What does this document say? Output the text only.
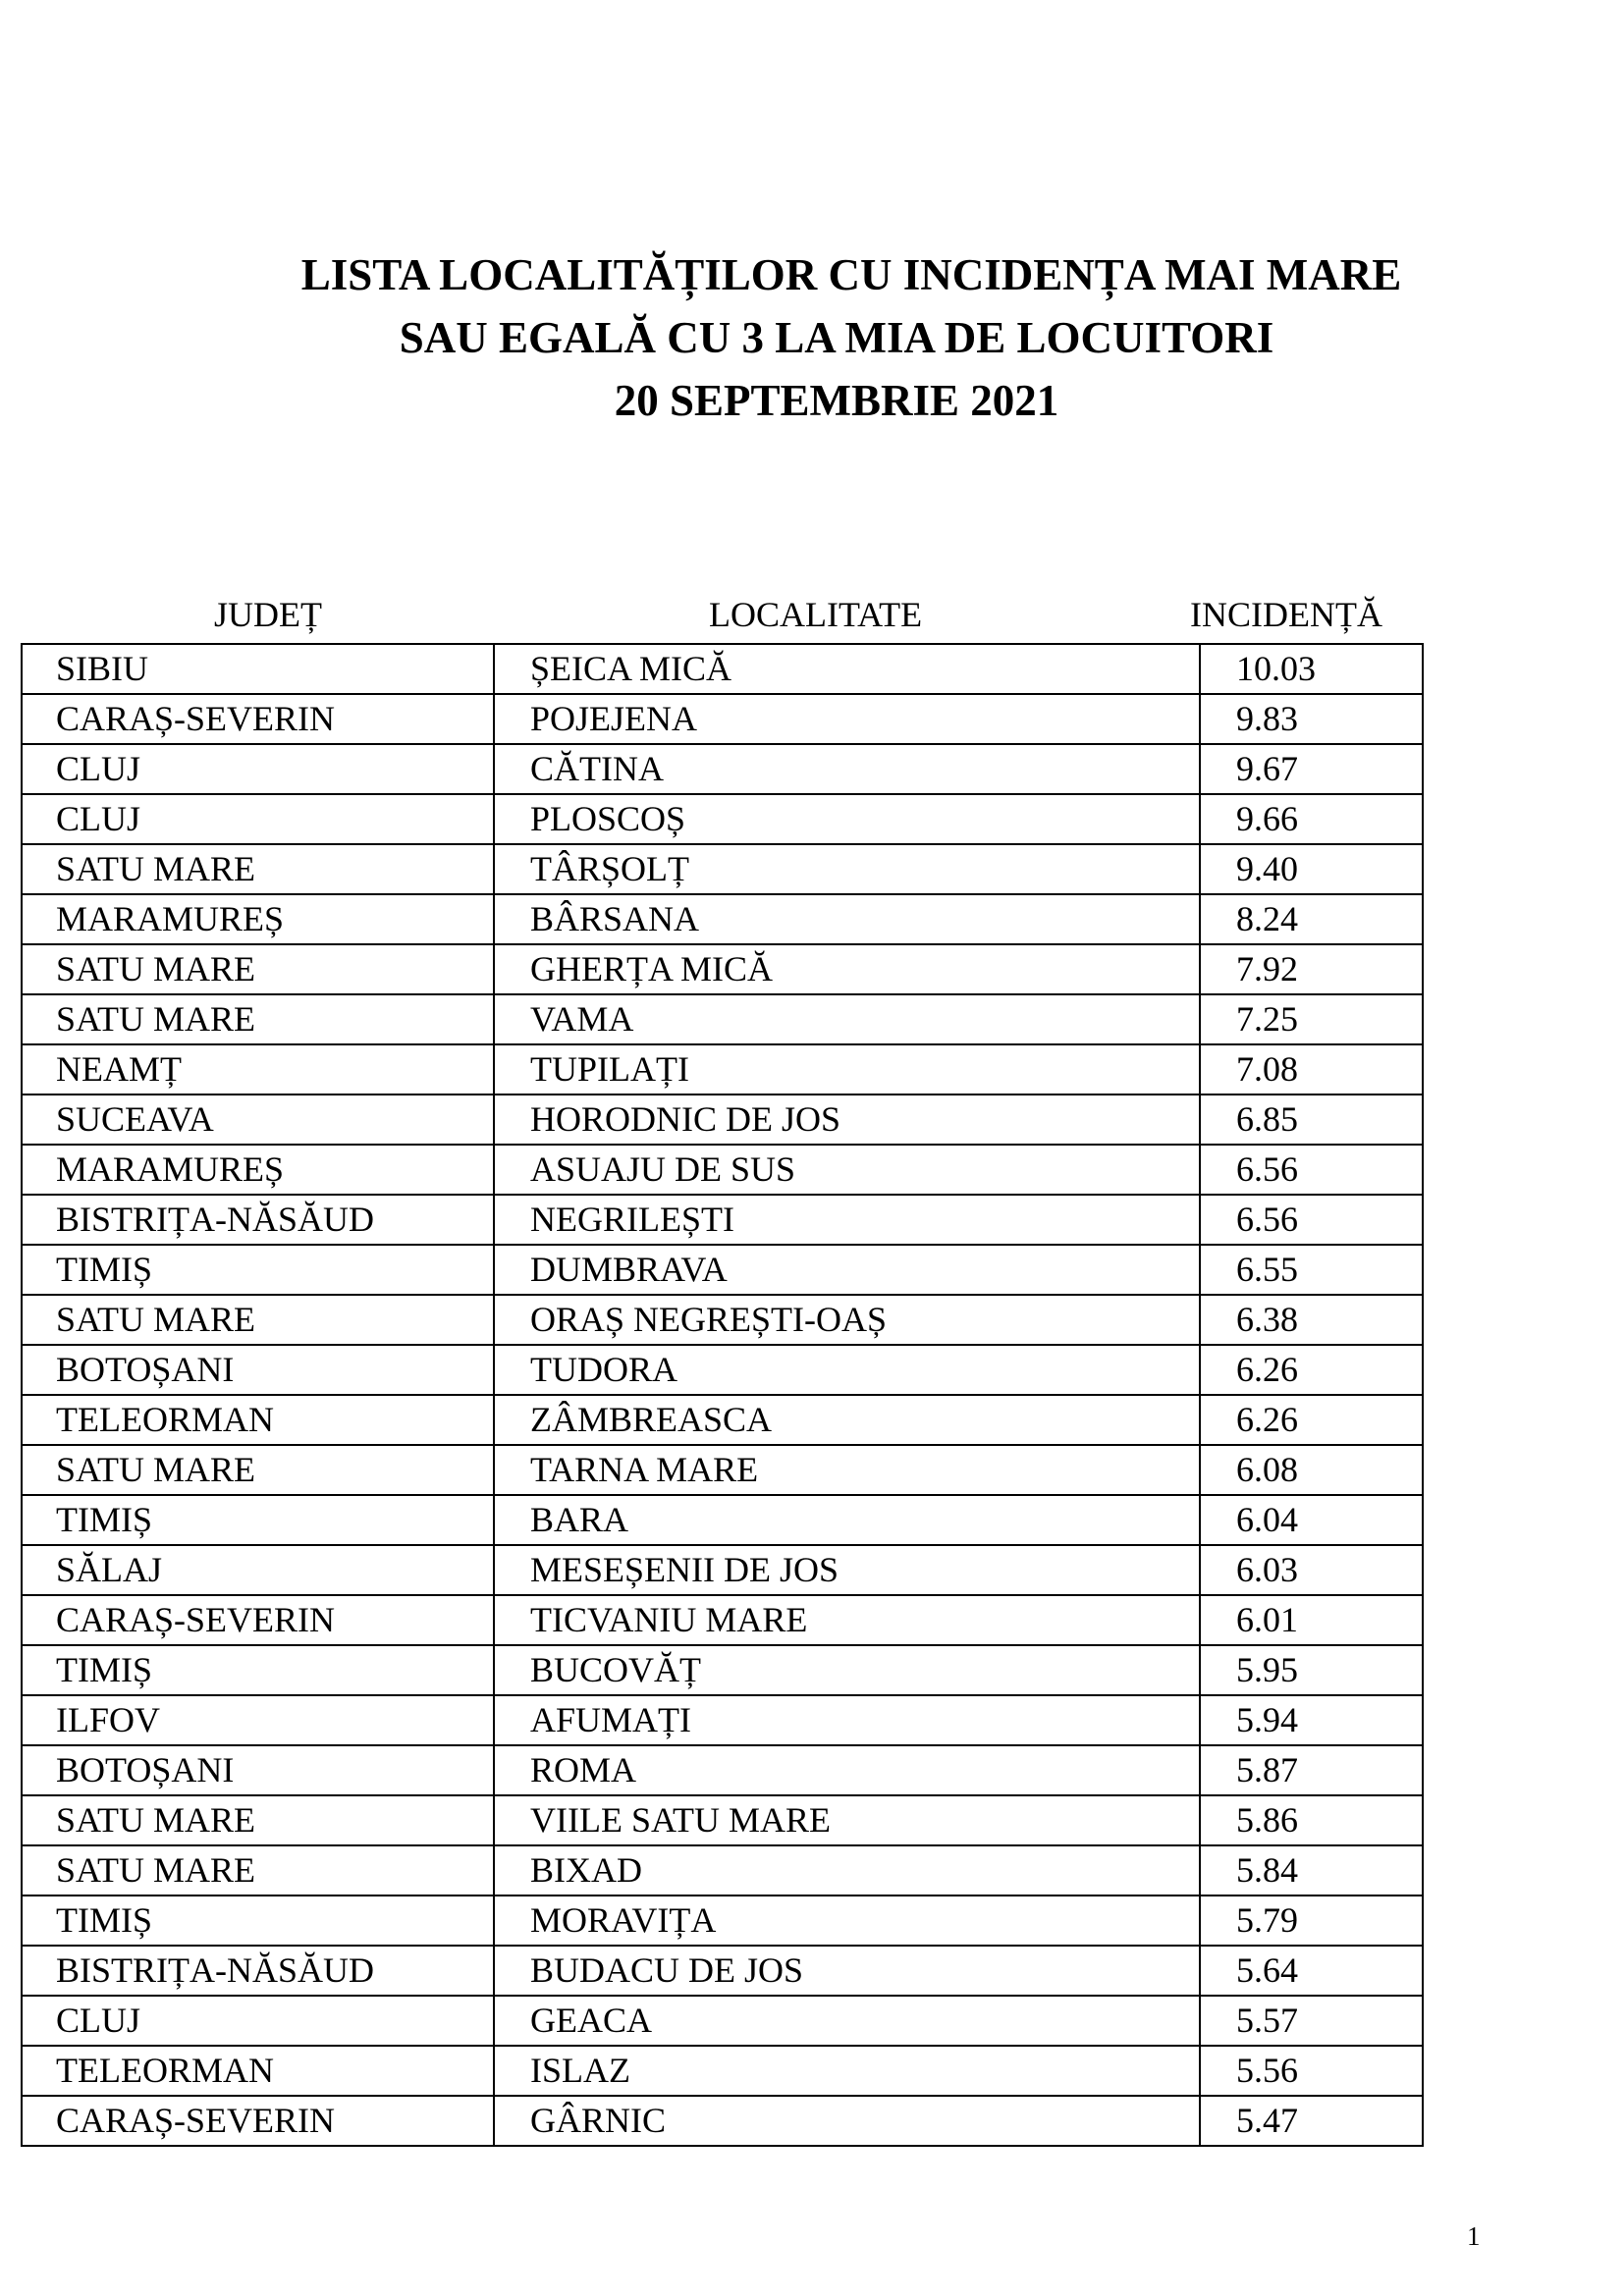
LISTA LOCALITĂȚILOR CU INCIDENȚA MAI MARE
SAU EGALĂ CU 3 LA MIA DE LOCUITORI
20 SEPTEMBRIE 2021
JUDEȚ	LOCALITATE	INCIDENȚĂ
SIBIU	ȘEICA MICĂ	10.03
CARAȘ-SEVERIN	POJEJENA	9.83
CLUJ	CĂTINA	9.67
CLUJ	PLOSCOȘ	9.66
SATU MARE	TÂRȘOLȚ	9.40
MARAMUREȘ	BÂRSANA	8.24
SATU MARE	GHERȚA MICĂ	7.92
SATU MARE	VAMA	7.25
NEAMȚ	TUPILAȚI	7.08
SUCEAVA	HORODNIC DE JOS	6.85
MARAMUREȘ	ASUAJU DE SUS	6.56
BISTRIȚA-NĂSĂUD	NEGRILEȘTI	6.56
TIMIȘ	DUMBRAVA	6.55
SATU MARE	ORAȘ NEGREȘTI-OAȘ	6.38
BOTOȘANI	TUDORA	6.26
TELEORMAN	ZÂMBREASCA	6.26
SATU MARE	TARNA MARE	6.08
TIMIȘ	BARA	6.04
SĂLAJ	MESEȘENII DE JOS	6.03
CARAȘ-SEVERIN	TICVANIU MARE	6.01
TIMIȘ	BUCOVĂȚ	5.95
ILFOV	AFUMAȚI	5.94
BOTOȘANI	ROMA	5.87
SATU MARE	VIILE SATU MARE	5.86
SATU MARE	BIXAD	5.84
TIMIȘ	MORAVIȚA	5.79
BISTRIȚA-NĂSĂUD	BUDACU DE JOS	5.64
CLUJ	GEACA	5.57
TELEORMAN	ISLAZ	5.56
CARAȘ-SEVERIN	GÂRNIC	5.47
1
